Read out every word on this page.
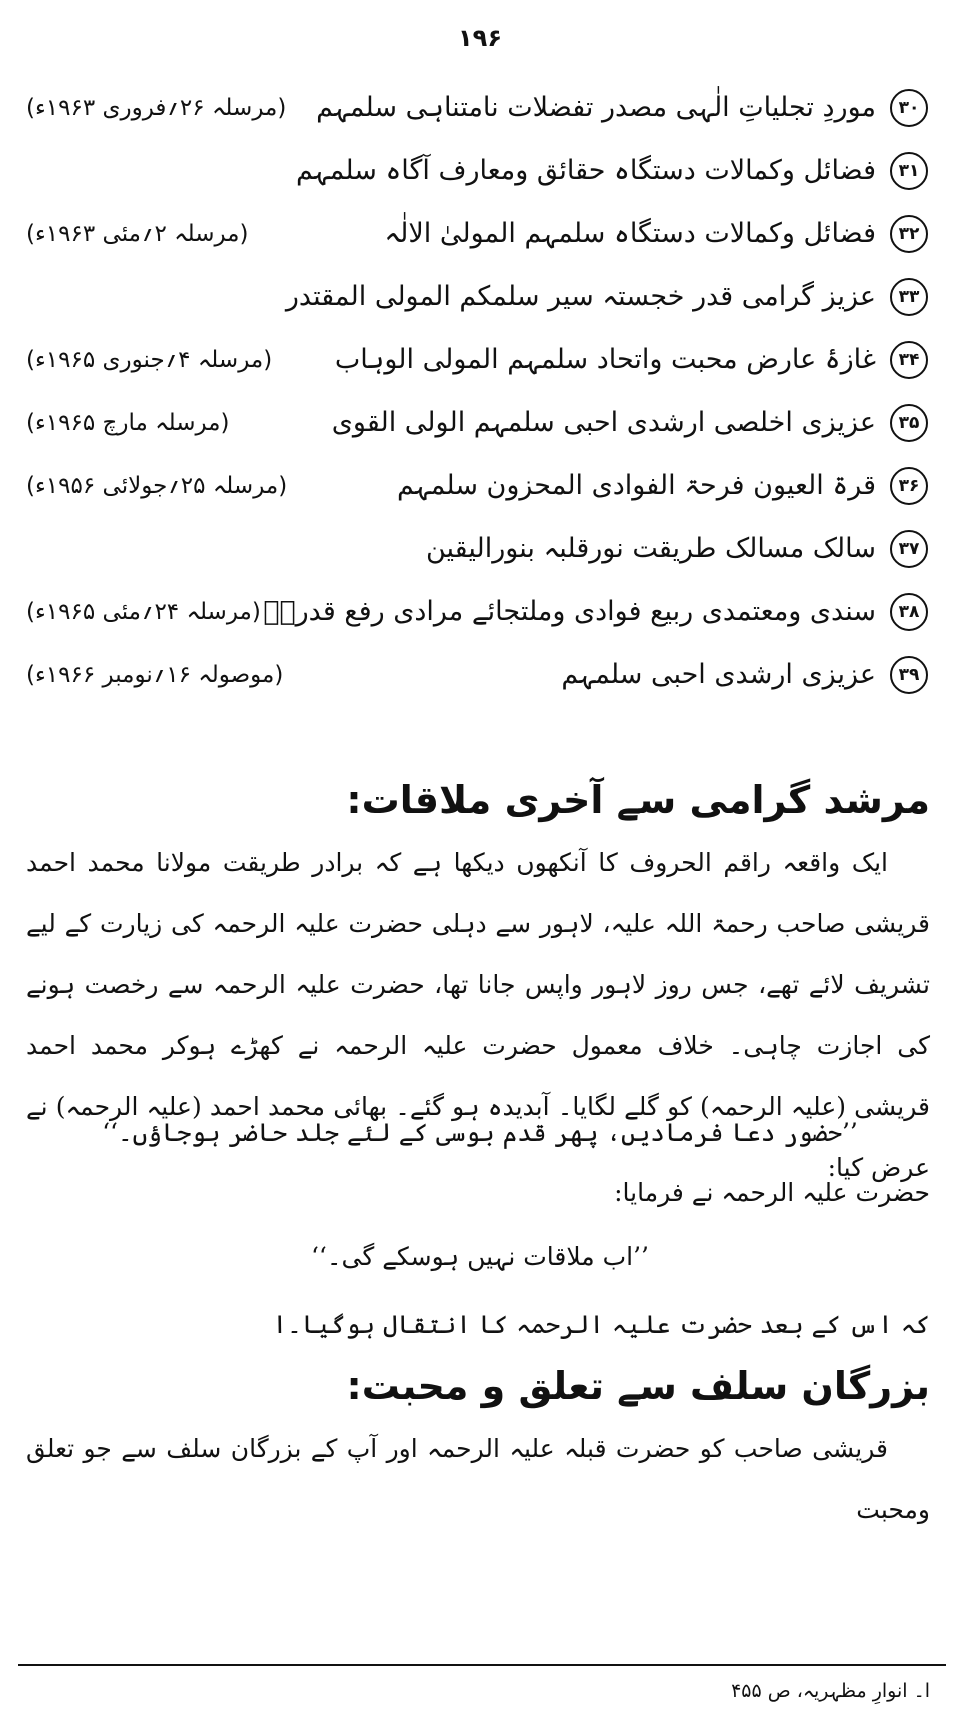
۱۹۶
۳۰
موردِ تجلیاتِ الٰہی مصدر تفضلات نامتناہی سلمہم
(مرسلہ ۲۶؍فروری ۱۹۶۳ء)
۳۱
فضائل وکمالات دستگاہ حقائق ومعارف آگاہ سلمہم
۳۲
فضائل وکمالات دستگاہ سلمہم المولیٰ الالٰہ
(مرسلہ ۲؍مئی ۱۹۶۳ء)
۳۳
عزیز گرامی قدر خجستہ سیر سلمکم المولی المقتدر
۳۴
غازۂ عارض محبت واتحاد سلمہم المولی الوہاب
(مرسلہ ۴؍جنوری ۱۹۶۵ء)
۳۵
عزیزی اخلصی ارشدی احبی سلمہم الولی القوی
(مرسلہ مارچ ۱۹۶۵ء)
۳۶
قرۃ العیون فرحۃ الفوادی المحزون سلمہم
(مرسلہ ۲۵؍جولائی ۱۹۵۶ء)
۳۷
سالک مسالک طریقت نورقلبہ بنورالیقین
۳۸
سندی ومعتمدی ربیع فوادی وملتجائے مرادی رفع قدرہٗ
(مرسلہ ۲۴؍مئی ۱۹۶۵ء)
۳۹
عزیزی ارشدی احبی سلمہم
(موصولہ ۱۶؍نومبر ۱۹۶۶ء)
مرشد گرامی سے آخری ملاقات:
ایک واقعہ راقم الحروف کا آنکھوں دیکھا ہے کہ برادر طریقت مولانا محمد احمد قریشی صاحب رحمۃ اللہ علیہ، لاہور سے دہلی حضرت علیہ الرحمہ کی زیارت کے لیے تشریف لائے تھے، جس روز لاہور واپس جانا تھا، حضرت علیہ الرحمہ سے رخصت ہونے کی اجازت چاہی۔ خلاف معمول حضرت علیہ الرحمہ نے کھڑے ہوکر محمد احمد قریشی (علیہ الرحمہ) کو گلے لگایا۔ آبدیدہ ہو گئے۔ بھائی محمد احمد (علیہ الرحمہ) نے عرض کیا:
’’حضور دعا فرمادیں، پھر قدم بوسی کے لئے جلد حاضر ہوجاؤں۔‘‘
حضرت علیہ الرحمہ نے فرمایا:
’’اب ملاقات نہیں ہوسکے گی۔‘‘
کہ اس کے بعد حضرت علیہ الرحمہ کا انتقال ہوگیا۔ا
بزرگان سلف سے تعلق و محبت:
قریشی صاحب کو حضرت قبلہ علیہ الرحمہ اور آپ کے بزرگان سلف سے جو تعلق ومحبت
ا۔ انوارِ مظہریہ، ص ۴۵۵
